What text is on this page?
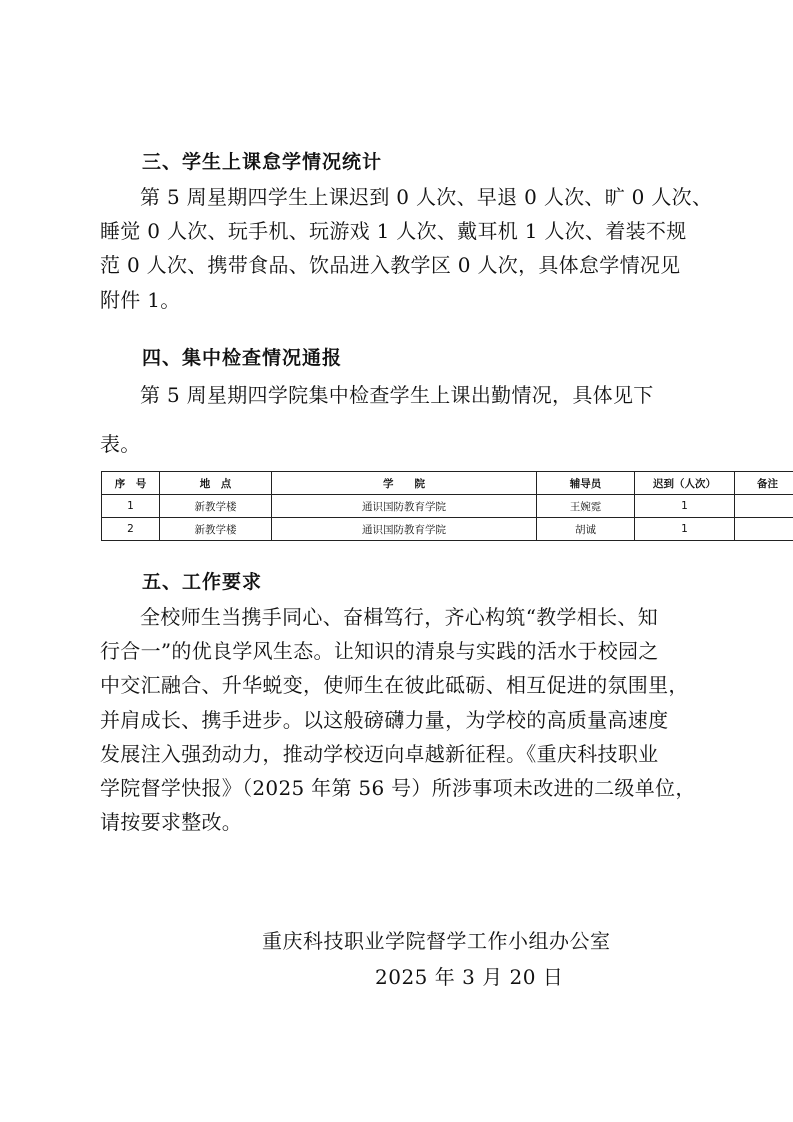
三、学生上课怠学情况统计
第 5 周星期四学生上课迟到 0 人次、早退 0 人次、旷 0 人次、
睡觉 0 人次、玩手机、玩游戏 1 人次、戴耳机 1 人次、着装不规
范 0 人次、携带食品、饮品进入教学区 0 人次，具体怠学情况见
附件 1。
四、集中检查情况通报
第 5 周星期四学院集中检查学生上课出勤情况，具体见下
表。
序　号	地　点	学　　院	辅导员	迟到（人次）	备注
1	新教学楼	通识国防教育学院	王婉霓	1	
2	新教学楼	通识国防教育学院	胡诚	1	
五、工作要求
全校师生当携手同心、奋楫笃行，齐心构筑“教学相长、知
行合一”的优良学风生态。让知识的清泉与实践的活水于校园之
中交汇融合、升华蜕变，使师生在彼此砥砺、相互促进的氛围里，
并肩成长、携手进步。以这般磅礴力量，为学校的高质量高速度
发展注入强劲动力，推动学校迈向卓越新征程。《重庆科技职业
学院督学快报》（2025 年第 56 号）所涉事项未改进的二级单位，
请按要求整改。
重庆科技职业学院督学工作小组办公室
2025 年 3 月 20 日
